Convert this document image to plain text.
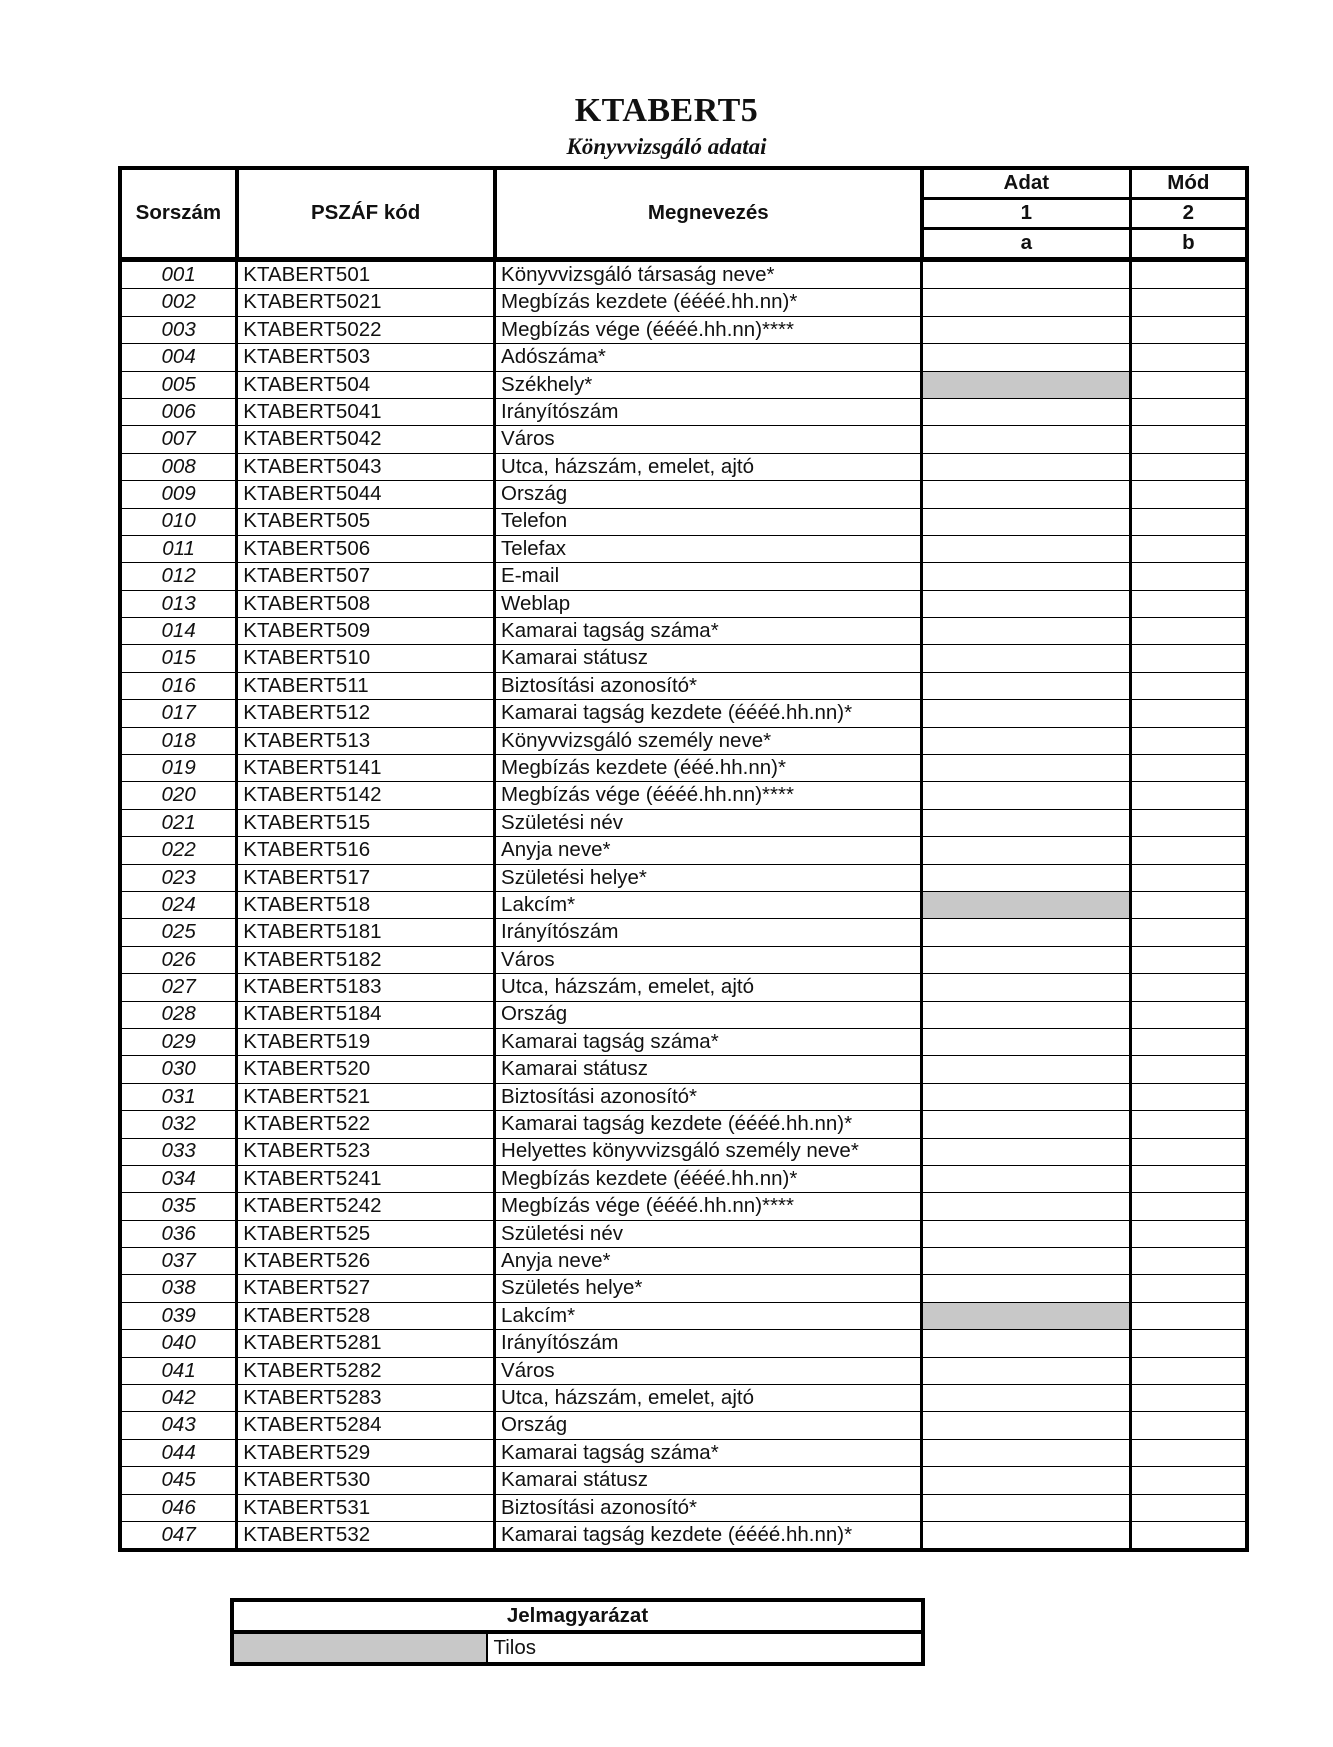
KTABERT5
Könyvvizsgáló adatai
Sorszám	PSZÁF kód	Megnevezés	Adat	Mód
			1	2
			a	b
001	KTABERT501	Könyvvizsgáló társaság neve*		
002	KTABERT5021	Megbízás kezdete (éééé.hh.nn)*		
003	KTABERT5022	Megbízás vége (éééé.hh.nn)****		
004	KTABERT503	Adószáma*		
005	KTABERT504	Székhely*		
006	KTABERT5041	Irányítószám		
007	KTABERT5042	Város		
008	KTABERT5043	Utca, házszám, emelet, ajtó		
009	KTABERT5044	Ország		
010	KTABERT505	Telefon		
011	KTABERT506	Telefax		
012	KTABERT507	E-mail		
013	KTABERT508	Weblap		
014	KTABERT509	Kamarai tagság száma*		
015	KTABERT510	Kamarai státusz		
016	KTABERT511	Biztosítási azonosító*		
017	KTABERT512	Kamarai tagság kezdete (éééé.hh.nn)*		
018	KTABERT513	Könyvvizsgáló személy neve*		
019	KTABERT5141	Megbízás kezdete (ééé.hh.nn)*		
020	KTABERT5142	Megbízás vége (éééé.hh.nn)****		
021	KTABERT515	Születési név		
022	KTABERT516	Anyja neve*		
023	KTABERT517	Születési helye*		
024	KTABERT518	Lakcím*		
025	KTABERT5181	Irányítószám		
026	KTABERT5182	Város		
027	KTABERT5183	Utca, házszám, emelet, ajtó		
028	KTABERT5184	Ország		
029	KTABERT519	Kamarai tagság száma*		
030	KTABERT520	Kamarai státusz		
031	KTABERT521	Biztosítási azonosító*		
032	KTABERT522	Kamarai tagság kezdete (éééé.hh.nn)*		
033	KTABERT523	Helyettes könyvvizsgáló személy neve*		
034	KTABERT5241	Megbízás kezdete (éééé.hh.nn)*		
035	KTABERT5242	Megbízás vége (éééé.hh.nn)****		
036	KTABERT525	Születési név		
037	KTABERT526	Anyja neve*		
038	KTABERT527	Születés helye*		
039	KTABERT528	Lakcím*		
040	KTABERT5281	Irányítószám		
041	KTABERT5282	Város		
042	KTABERT5283	Utca, házszám, emelet, ajtó		
043	KTABERT5284	Ország		
044	KTABERT529	Kamarai tagság száma*		
045	KTABERT530	Kamarai státusz		
046	KTABERT531	Biztosítási azonosító*		
047	KTABERT532	Kamarai tagság kezdete (éééé.hh.nn)*		
Jelmagyarázat
	Tilos
